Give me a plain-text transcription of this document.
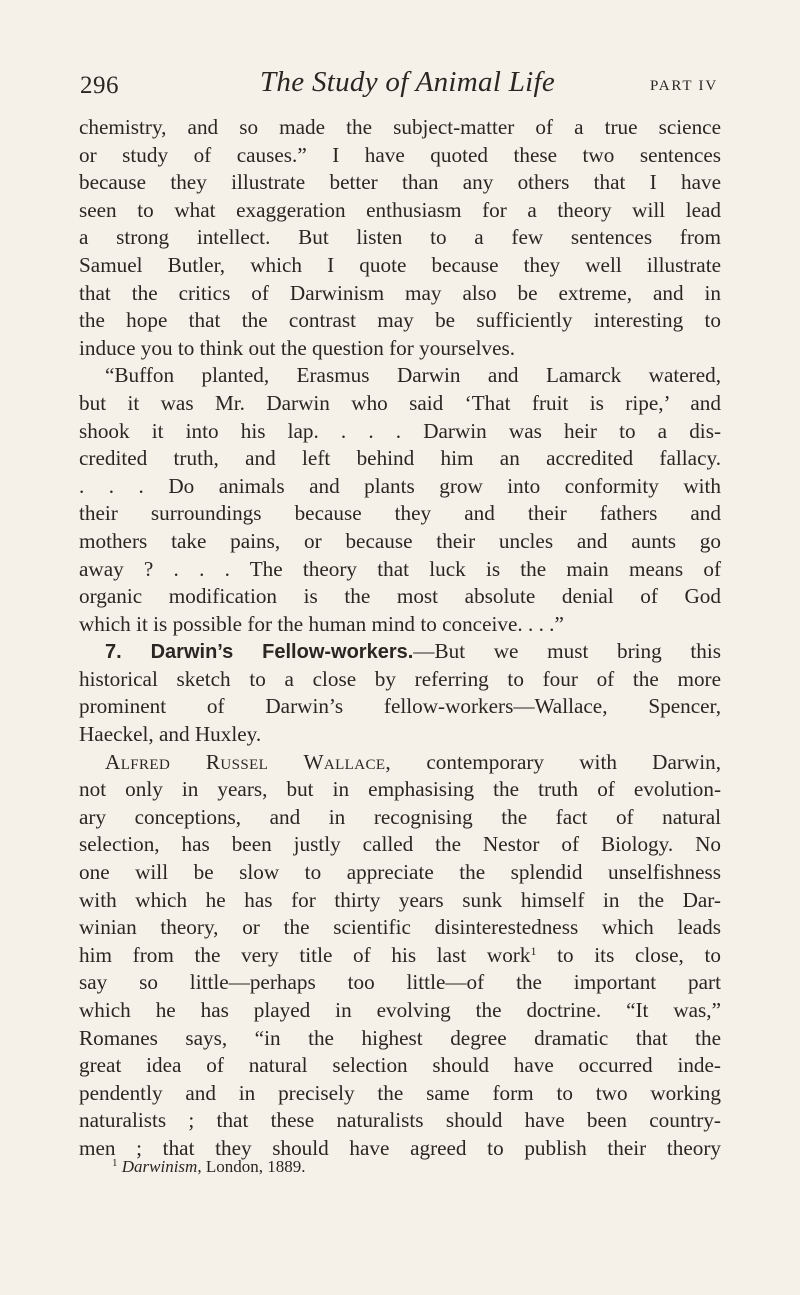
296	The Study of Animal Life	PART IV
chemistry, and so made the subject-matter of a true science
or study of causes.” I have quoted these two sentences
because they illustrate better than any others that I have
seen to what exaggeration enthusiasm for a theory will lead
a strong intellect. But listen to a few sentences from
Samuel Butler, which I quote because they well illustrate
that the critics of Darwinism may also be extreme, and in
the hope that the contrast may be sufficiently interesting to
induce you to think out the question for yourselves.
“Buffon planted, Erasmus Darwin and Lamarck watered,
but it was Mr. Darwin who said ‘That fruit is ripe,’ and
shook it into his lap. . . . Darwin was heir to a dis-
credited truth, and left behind him an accredited fallacy.
. . . Do animals and plants grow into conformity with
their surroundings because they and their fathers and
mothers take pains, or because their uncles and aunts go
away ? . . . The theory that luck is the main means of
organic modification is the most absolute denial of God
which it is possible for the human mind to conceive. . . .”
7. Darwin’s Fellow-workers.—But we must bring this
historical sketch to a close by referring to four of the more
prominent of Darwin’s fellow-workers—Wallace, Spencer,
Haeckel, and Huxley.
Alfred Russel Wallace, contemporary with Darwin,
not only in years, but in emphasising the truth of evolution-
ary conceptions, and in recognising the fact of natural
selection, has been justly called the Nestor of Biology. No
one will be slow to appreciate the splendid unselfishness
with which he has for thirty years sunk himself in the Dar-
winian theory, or the scientific disinterestedness which leads
him from the very title of his last work$^1$ to its close, to
say so little—perhaps too little—of the important part
which he has played in evolving the doctrine. “It was,”
Romanes says, “in the highest degree dramatic that the
great idea of natural selection should have occurred inde-
pendently and in precisely the same form to two working
naturalists ; that these naturalists should have been country-
men ; that they should have agreed to publish their theory
$^1$ Darwinism, London, 1889.
